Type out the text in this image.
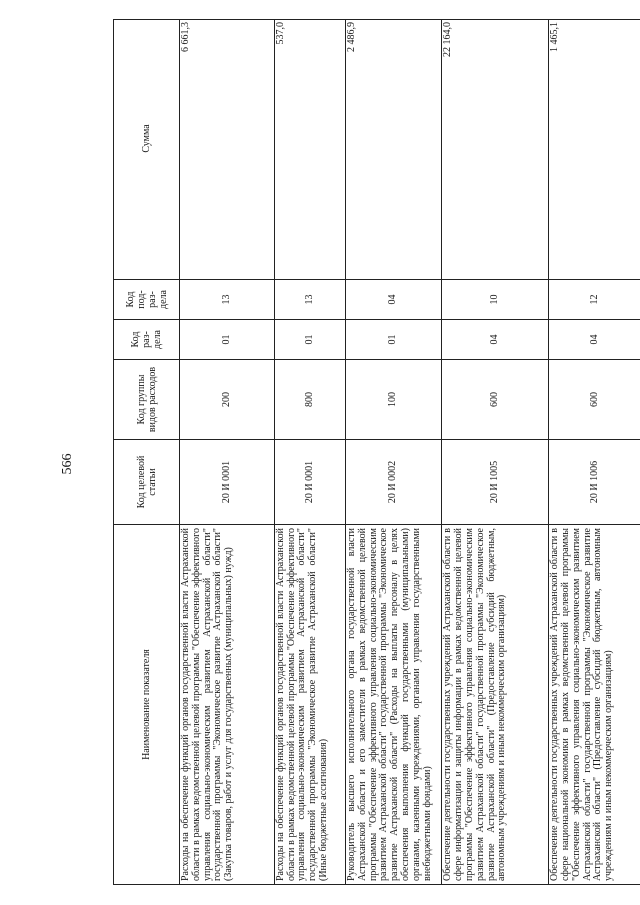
566
Наименование показателя	Код целевой статьи	Код группы видов расходов	Код раз-дела	Код под-раз-дела	Сумма
Расходы на обеспечение функций органов государственной власти Астраханской области в рамках ведомственной целевой программы "Обеспечение эффективного управления социально-экономическим развитием Астраханской области" государственной программы "Экономическое развитие Астраханской области" (Закупка товаров, работ и услуг для государственных (муниципальных) нужд)	20 И 0001	200	01	13	6 661,3
Расходы на обеспечение функций органов государственной власти Астраханской области в рамках ведомственной целевой программы "Обеспечение эффективного управления социально-экономическим развитием Астраханской области" государственной программы "Экономическое развитие Астраханской области" (Иные бюджетные ассигнования)	20 И 0001	800	01	13	537,0
Руководитель высшего исполнительного органа государственной власти Астраханской области и его заместители в рамках ведомственной целевой программы "Обеспечение эффективного управления социально-экономическим развитием Астраханской области" государственной программы "Экономическое развитие Астраханской области" (Расходы на выплаты персоналу в целях обеспечения выполнения функций государственными (муниципальными) органами, казенными учреждениями, органами управления государственными внебюджетными фондами)	20 И 0002	100	01	04	2 486,9
Обеспечение деятельности государственных учреждений Астраханской области в сфере информатизации и защиты информации в рамках ведомственной целевой программы "Обеспечение эффективного управления социально-экономическим развитием Астраханской области" государственной программы "Экономическое развитие Астраханской области" (Предоставление субсидий бюджетным, автономным учреждениям и иным некоммерческим организациям)	20 И 1005	600	04	10	22 164,0
Обеспечение деятельности государственных учреждений Астраханской области в сфере национальной экономики в рамках ведомственной целевой программы "Обеспечение эффективного управления социально-экономическим развитием Астраханской области" государственной программы "Экономическое развитие Астраханской области" (Предоставление субсидий бюджетным, автономным учреждениям и иным некоммерческим организациям)	20 И 1006	600	04	12	1 465,1
